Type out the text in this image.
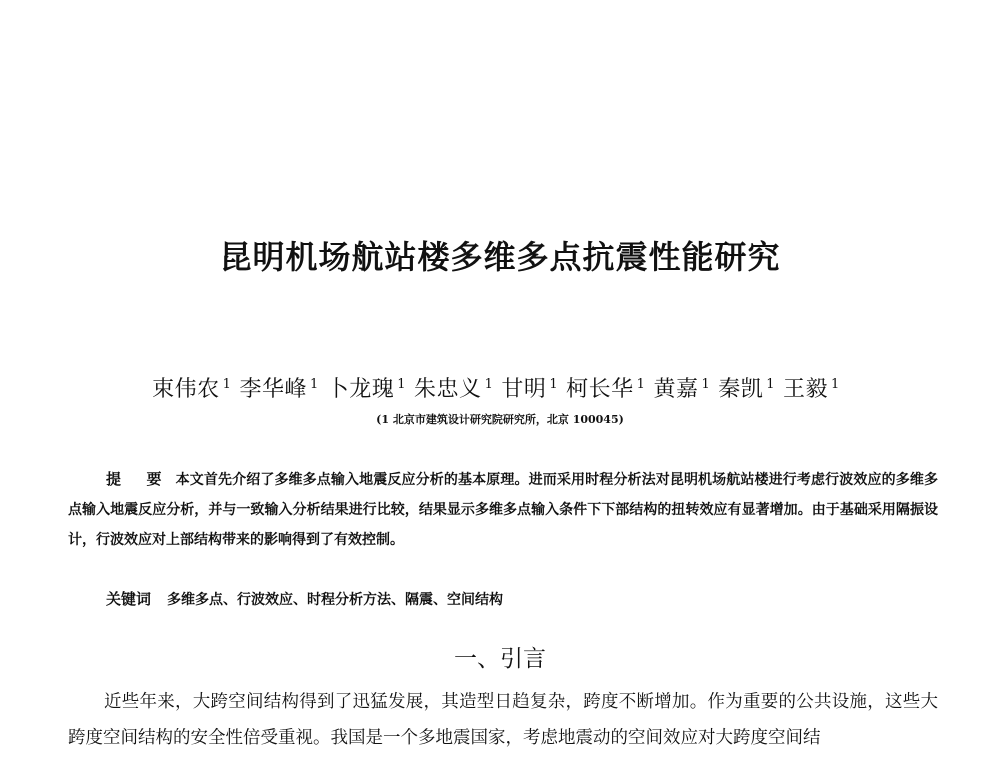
昆明机场航站楼多维多点抗震性能研究
束伟农 $^1$ 李华峰 $^1$ 卜龙瑰 $^1$ 朱忠义 $^1$ 甘明 $^1$ 柯长华 $^1$ 黄嘉 $^1$ 秦凯 $^1$ 王毅 $^1$
(1 北京市建筑设计研究院研究所，北京 100045)

提 要 本文首先介绍了多维多点输入地震反应分析的基本原理。进而采用时程分析法对昆明机场航站楼进行考虑行波效应的多维多点输入地震反应分析，并与一致输入分析结果进行比较，结果显示多维多点输入条件下下部结构的扭转效应有显著增加。由于基础采用隔振设计，行波效应对上部结构带来的影响得到了有效控制。

关键词 多维多点、行波效应、时程分析方法、隔震、空间结构
一、引言

近些年来，大跨空间结构得到了迅猛发展，其造型日趋复杂，跨度不断增加。作为重要的公共设施，这些大跨度空间结构的安全性倍受重视。我国是一个多地震国家，考虑地震动的空间效应对大跨度空间结
